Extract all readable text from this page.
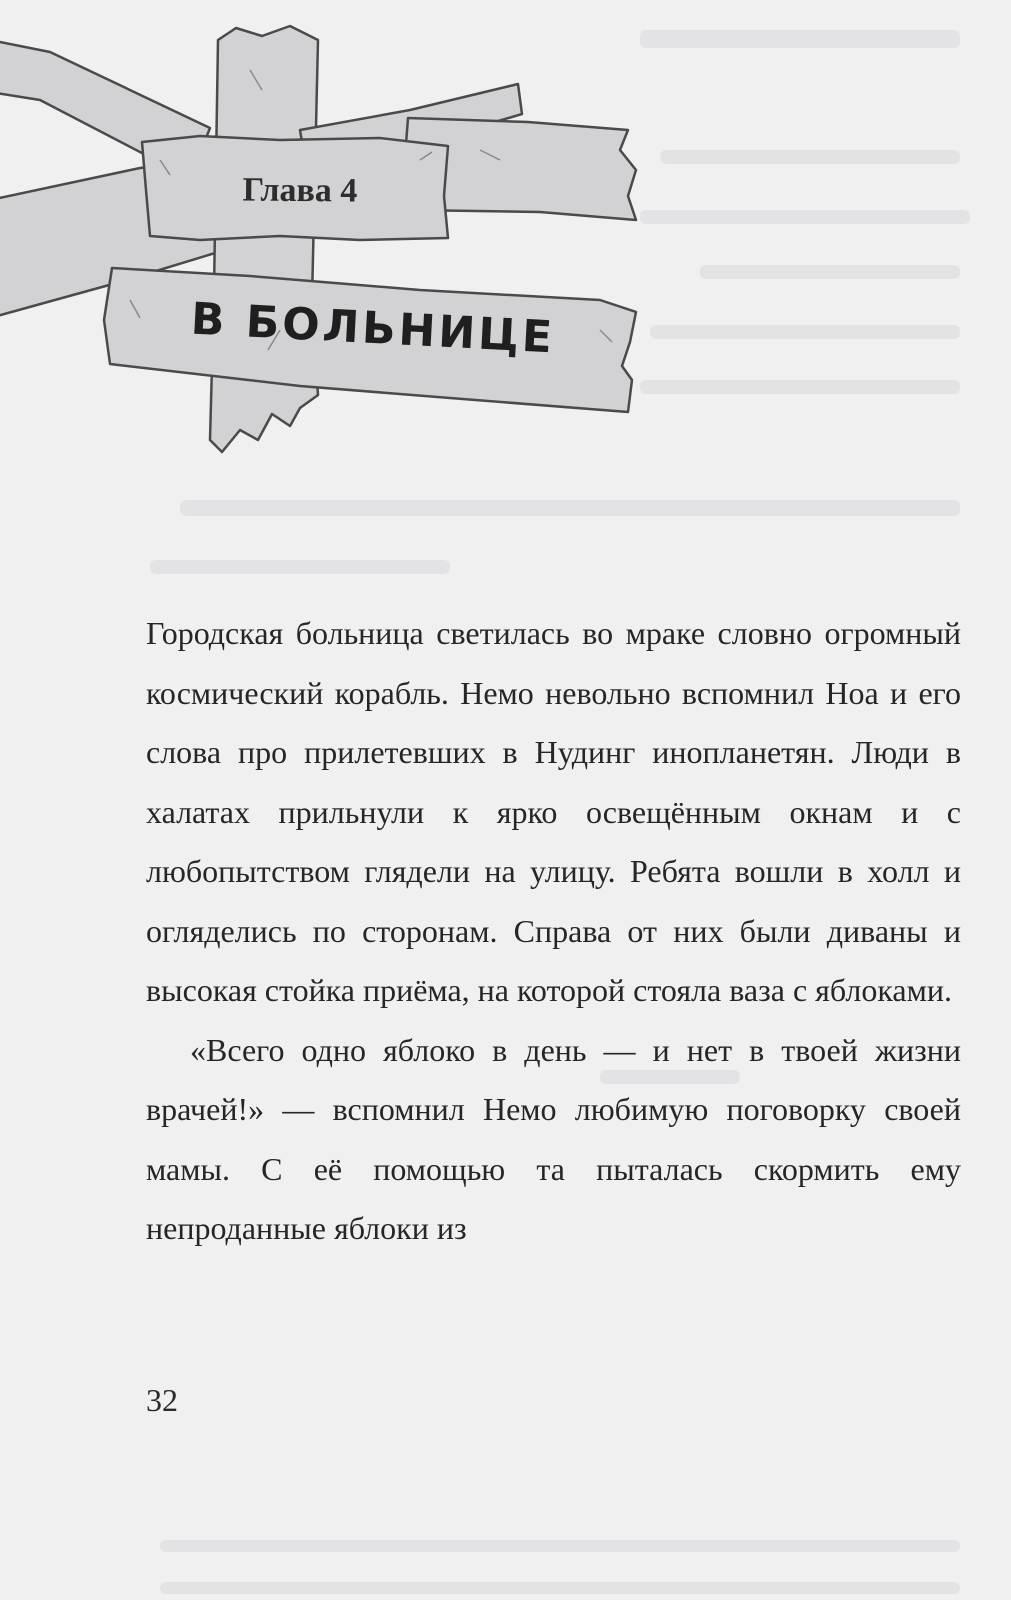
Глава 4
В БОЛЬНИЦЕ

Городская больница светилась во мраке словно огромный космический корабль. Немо невольно вспомнил Ноа и его слова про прилетевших в Нудинг инопланетян. Люди в халатах прильнули к ярко освещённым окнам и с любопытством глядели на улицу. Ребята вошли в холл и огляделись по сторонам. Справа от них были диваны и высокая стойка приёма, на которой стояла ваза с яблоками.

«Всего одно яблоко в день — и нет в твоей жизни врачей!» — вспомнил Немо любимую поговорку своей мамы. С её помощью та пыталась скормить ему непроданные яблоки из

32
